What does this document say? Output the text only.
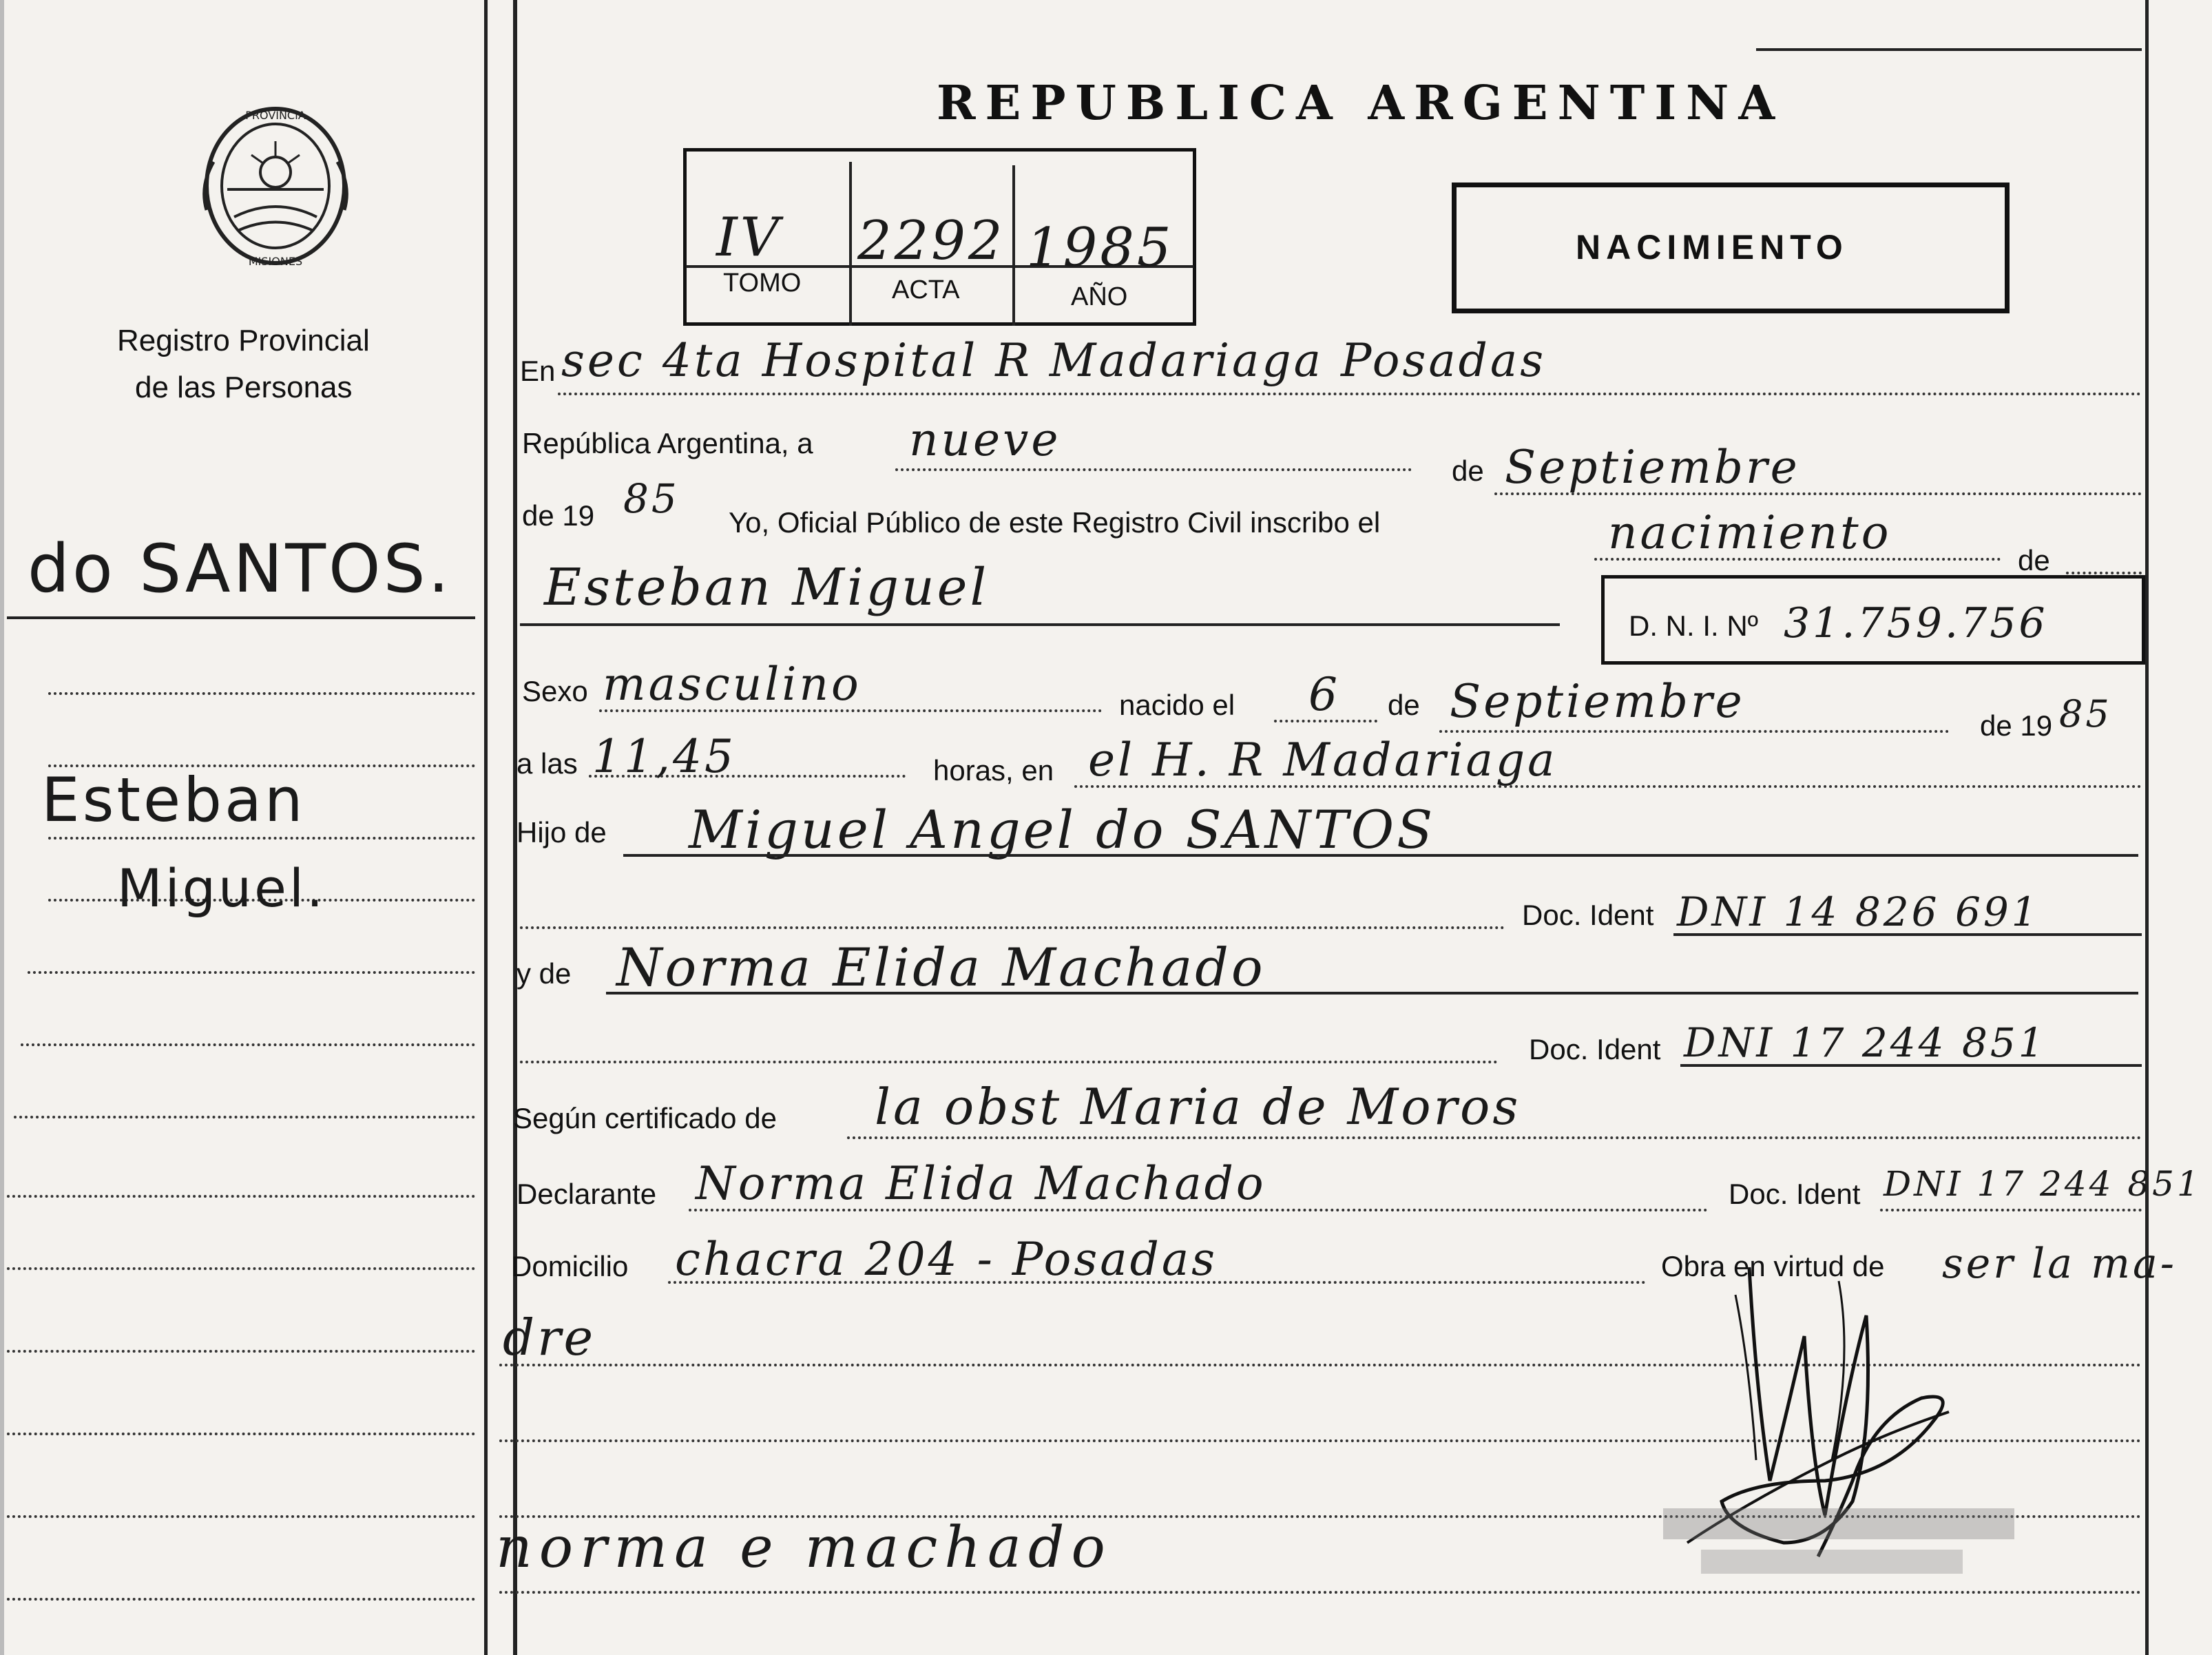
PROVINCIA
MISIONES
Registro Provincial
de las Personas
do SANTOS.
Esteban
Miguel.
REPUBLICA ARGENTINA
NACIMIENTO
IV
TOMO
2292
ACTA
1985
AÑO
En sec 4ta Hospital R Madariaga Posadas
República Argentina, a nueve
de Septiembre
de 19 85
Yo, Oficial Público de este Registro Civil inscribo el	nacimiento
de
Esteban Miguel
D. N. I. Nº 31.759.756
Sexo masculino	nacido el 6 de Septiembre	de 19 85
a las 11,45	horas, en el H. R Madariaga
Hijo de Miguel Angel do SANTOS
Doc. Ident DNI 14 826 691
y de Norma Elida Machado
Doc. Ident DNI 17 244 851
Según certificado de la obst Maria de Moros
Declarante Norma Elida Machado	Doc. Ident DNI 17 244 851
Domicilio chacra 204 - Posadas	Obra en virtud de ser la ma-
dre
norma e machado
